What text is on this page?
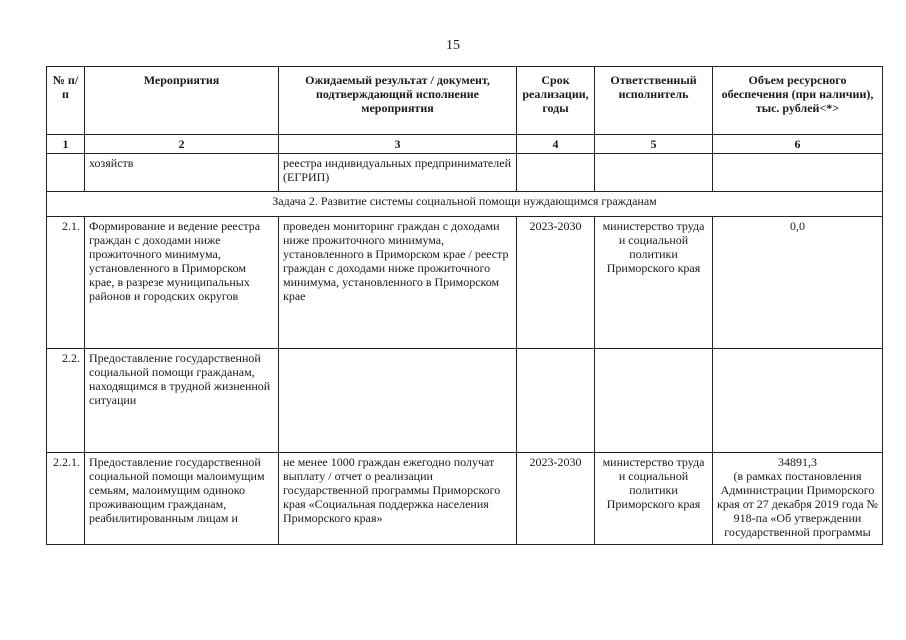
15
№ п/п	Мероприятия	Ожидаемый результат / документ, подтверждающий исполнение мероприятия	Срок реализации, годы	Ответственный исполнитель	Объем ресурсного обеспечения (при наличии), тыс. рублей<*>
1	2	3	4	5	6
	хозяйств	реестра индивидуальных предпринимателей (ЕГРИП)			
Задача 2. Развитие системы социальной помощи нуждающимся гражданам					
2.1.	Формирование и ведение реестра граждан с доходами ниже прожиточного минимума, установленного в Приморском крае, в разрезе муниципальных районов и городских округов	проведен мониторинг граждан с доходами ниже прожиточного минимума, установленного в Приморском крае / реестр граждан с доходами ниже прожиточного минимума, установленного в Приморском крае	2023-2030	министерство труда и социальной политики Приморского края	0,0
2.2.	Предоставление государственной социальной помощи гражданам, находящимся в трудной жизненной ситуации				
2.2.1.	Предоставление государственной социальной помощи малоимущим семьям, малоимущим одиноко проживающим гражданам, реабилитированным лицам и	не менее 1000 граждан ежегодно получат выплату / отчет о реализации государственной программы Приморского края «Социальная поддержка населения Приморского края»	2023-2030	министерство труда и социальной политики Приморского края	34891,3
(в рамках постановления Администрации Приморского края от 27 декабря 2019 года № 918-па «Об утверждении государственной программы
